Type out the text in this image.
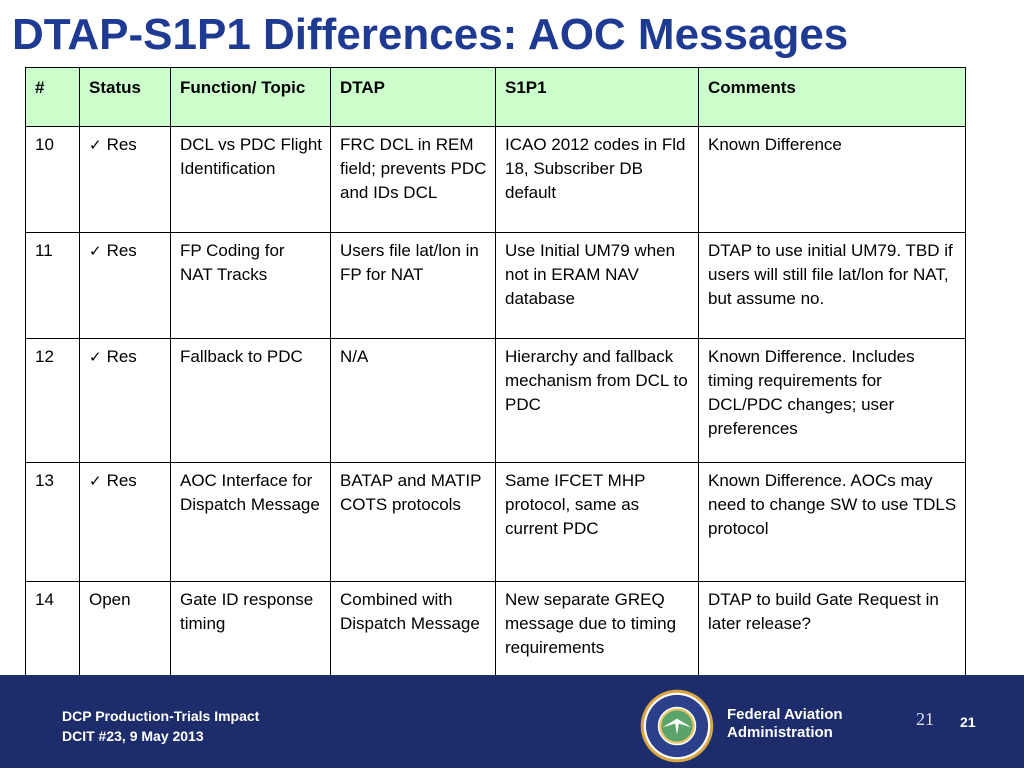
DTAP-S1P1 Differences: AOC Messages
#	Status	Function/ Topic	DTAP	S1P1	Comments
10	✓ Res	DCL vs PDC Flight Identification	FRC DCL in REM field; prevents PDC and IDs DCL	ICAO 2012 codes in Fld 18, Subscriber DB default	Known Difference
11	✓ Res	FP Coding for NAT Tracks	Users file lat/lon in FP for NAT	Use Initial UM79 when not in ERAM NAV database	DTAP to use initial UM79. TBD if users will still file lat/lon for NAT, but assume no.
12	✓ Res	Fallback to PDC	N/A	Hierarchy and fallback mechanism from DCL to PDC	Known Difference. Includes timing requirements for DCL/PDC changes; user preferences
13	✓ Res	AOC Interface for Dispatch Message	BATAP and MATIP COTS protocols	Same IFCET MHP protocol, same as current PDC	Known Difference. AOCs may need to change SW to use TDLS protocol
14	Open	Gate ID response timing	Combined with Dispatch Message	New separate GREQ message due to timing requirements	DTAP to build Gate Request in later release?
DCP Production-Trials Impact
DCIT #23, 9 May 2013
Federal Aviation
Administration
21 21
